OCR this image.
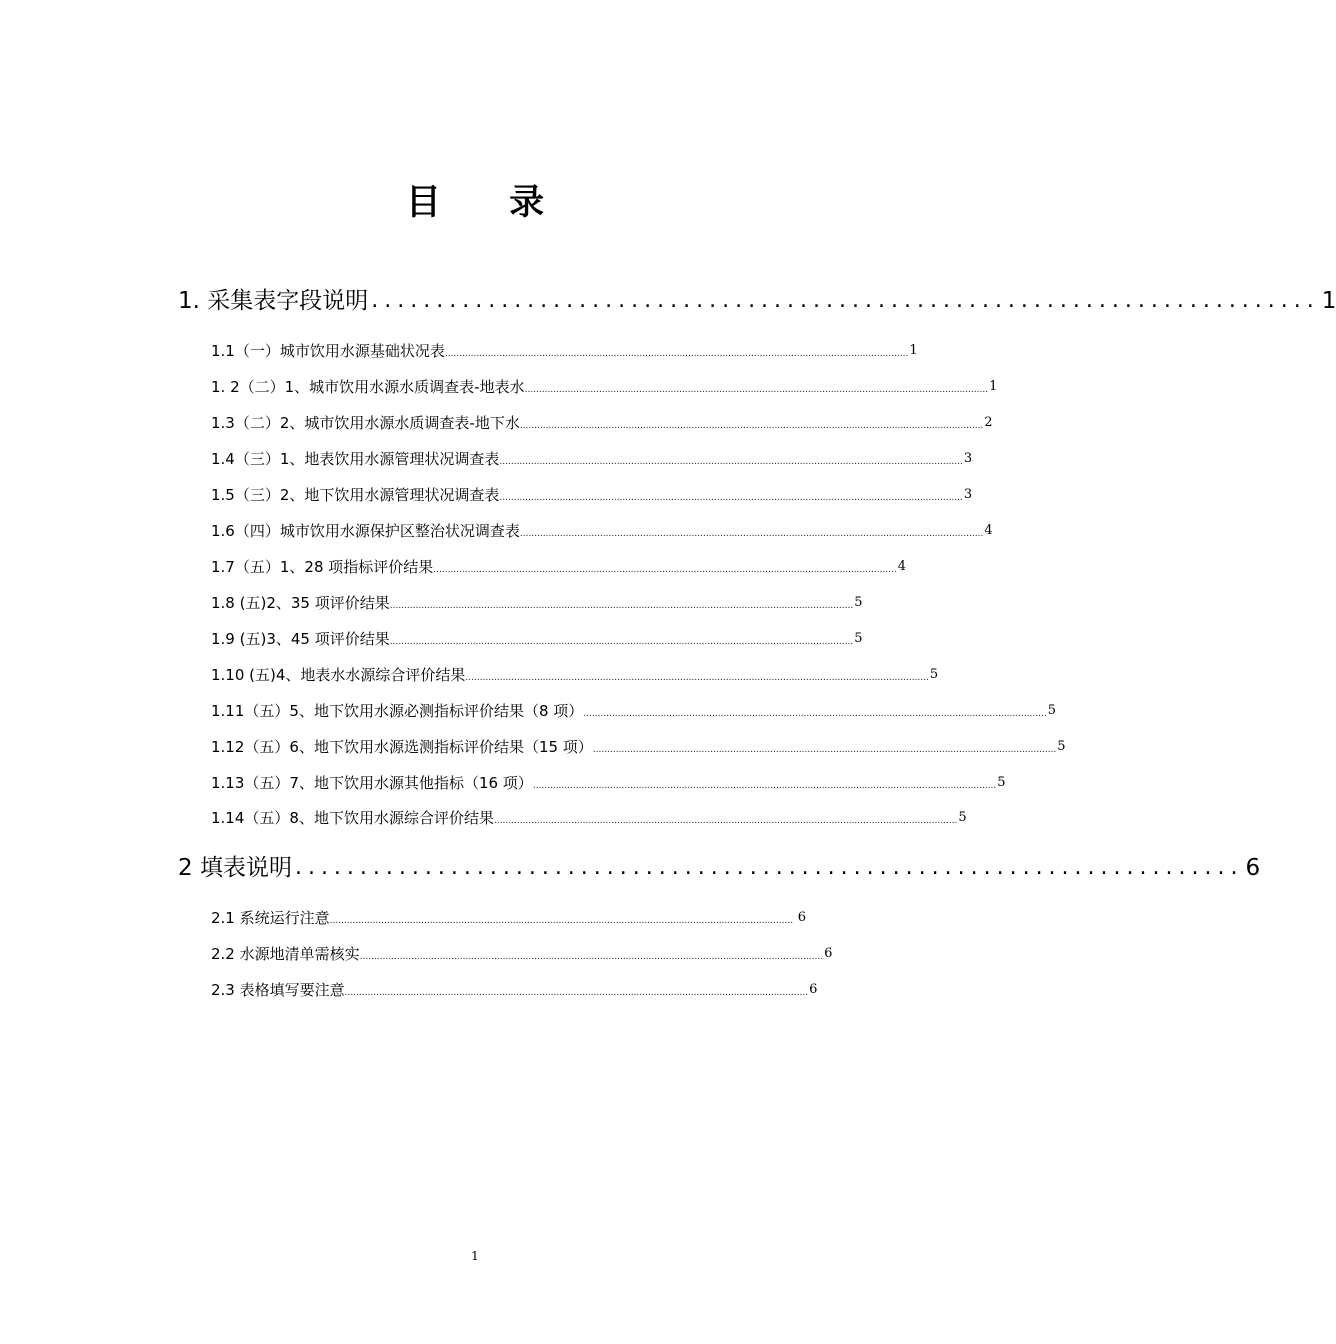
目 录
1. 采集表字段说明 ......................................................................... 1
1.1（一）城市饮用水源基础状况表 .................................................................................................................................................................. 1
1. 2（二）1、城市饮用水源水质调查表-地表水 .................................................................................................................................................................. 1
1.3（二）2、城市饮用水源水质调查表-地下水 .................................................................................................................................................................. 2
1.4（三）1、地表饮用水源管理状况调查表 .................................................................................................................................................................. 3
1.5（三）2、地下饮用水源管理状况调查表 .................................................................................................................................................................. 3
1.6（四）城市饮用水源保护区整治状况调查表 .................................................................................................................................................................. 4
1.7（五）1、28 项指标评价结果 .................................................................................................................................................................. 4
1.8 (五)2、35 项评价结果 .................................................................................................................................................................. 5
1.9 (五)3、45 项评价结果 .................................................................................................................................................................. 5
1.10 (五)4、地表水水源综合评价结果 .................................................................................................................................................................. 5
1.11（五）5、地下饮用水源必测指标评价结果（8 项） .................................................................................................................................................................. 5
1.12（五）6、地下饮用水源选测指标评价结果（15 项） .................................................................................................................................................................. 5
1.13（五）7、地下饮用水源其他指标（16 项） .................................................................................................................................................................. 5
1.14（五）8、地下饮用水源综合评价结果 .................................................................................................................................................................. 5
2 填表说明 ......................................................................... 6
2.1 系统运行注意 .................................................................................................................................................................. 6
2.2 水源地清单需核实 .................................................................................................................................................................. 6
2.3 表格填写要注意 .................................................................................................................................................................. 6
1
